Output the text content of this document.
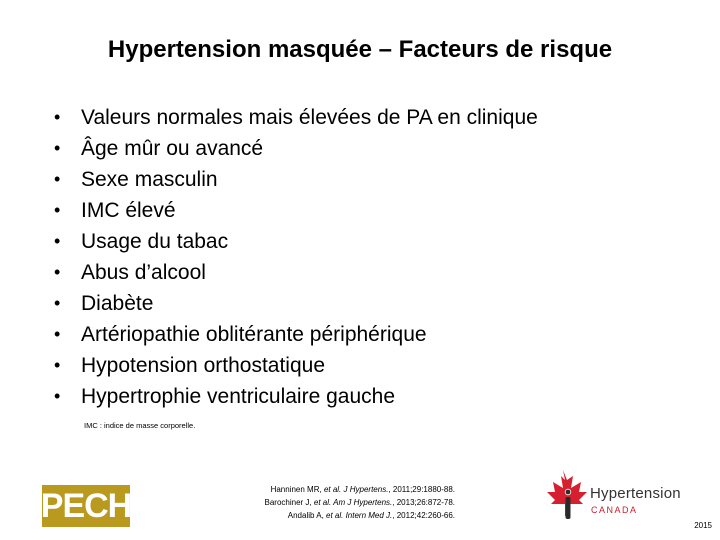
Hypertension masquée – Facteurs de risque
• Valeurs normales mais élevées de PA en clinique
• Âge mûr ou avancé
• Sexe masculin
• IMC élevé
• Usage du tabac
• Abus d’alcool
• Diabète
• Artériopathie oblitérante périphérique
• Hypotension orthostatique
• Hypertrophie ventriculaire gauche
IMC : indice de masse corporelle.
PECH	Hanninen MR, et al. J Hypertens., 2011;29:1880-88.
Barochiner J, et al. Am J Hypertens., 2013;26:872-78.
Andalib A, et al. Intern Med J., 2012;42:260-66.
Hypertension
CANADA
2015
